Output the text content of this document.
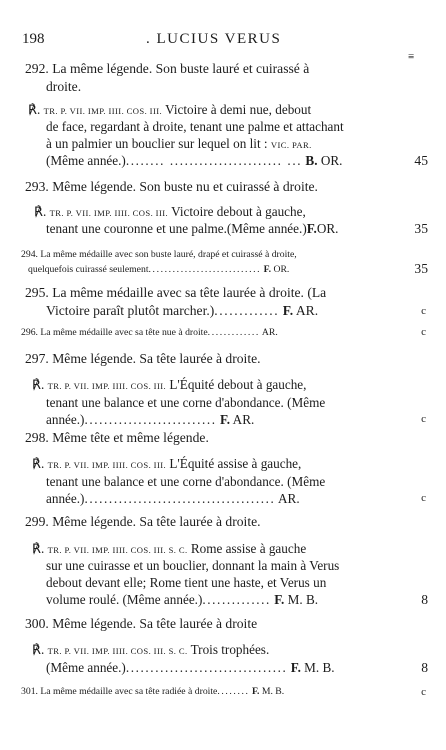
198	. LUCIUS VERUS
≡
292. La même légende. Son buste lauré et cuirassé à
droite.
℟. TR. P. VII. IMP. IIII. COS. III. Victoire à demi nue, debout
de face, regardant à droite, tenant une palme et attachant
à un palmier un bouclier sur lequel on lit : VIC. PAR.
(Même année.)........ ....................... ... B. OR.	45
293. Même légende. Son buste nu et cuirassé à droite.
℟. TR. P. VII. IMP. IIII. COS. III. Victoire debout à gauche,
tenant une couronne et une palme.(Même année.)F.OR.	35
294. La même médaille avec son buste lauré, drapé et cuirassé à droite,
quelquefois cuirassé seulement............................ F. OR.	35
295. La même médaille avec sa tête laurée à droite. (La
Victoire paraît plutôt marcher.)............. F. AR.	c
296. La même médaille avec sa tête nue à droite............. AR.	c
297. Même légende. Sa tête laurée à droite.
℟. TR. P. VII. IMP. IIII. COS. III. L'Équité debout à gauche,
tenant une balance et une corne d'abondance. (Même
année.)........................... F. AR.	c
298. Même tête et même légende.
℟. TR. P. VII. IMP. IIII. COS. III. L'Équité assise à gauche,
tenant une balance et une corne d'abondance. (Même
année.)....................................... AR.	c
299. Même légende. Sa tête laurée à droite.
℟. TR. P. VII. IMP. IIII. COS. III. S. C. Rome assise à gauche
sur une cuirasse et un bouclier, donnant la main à Verus
debout devant elle; Rome tient une haste, et Verus un
volume roulé. (Même année.).............. F. M. B.	8
300. Même légende. Sa tête laurée à droite
℟. TR. P. VII. IMP. IIII. COS. III. S. C. Trois trophées.
(Même année.)................................. F. M. B.	8
301. La même médaille avec sa tête radiée à droite........ F. M. B.	c
